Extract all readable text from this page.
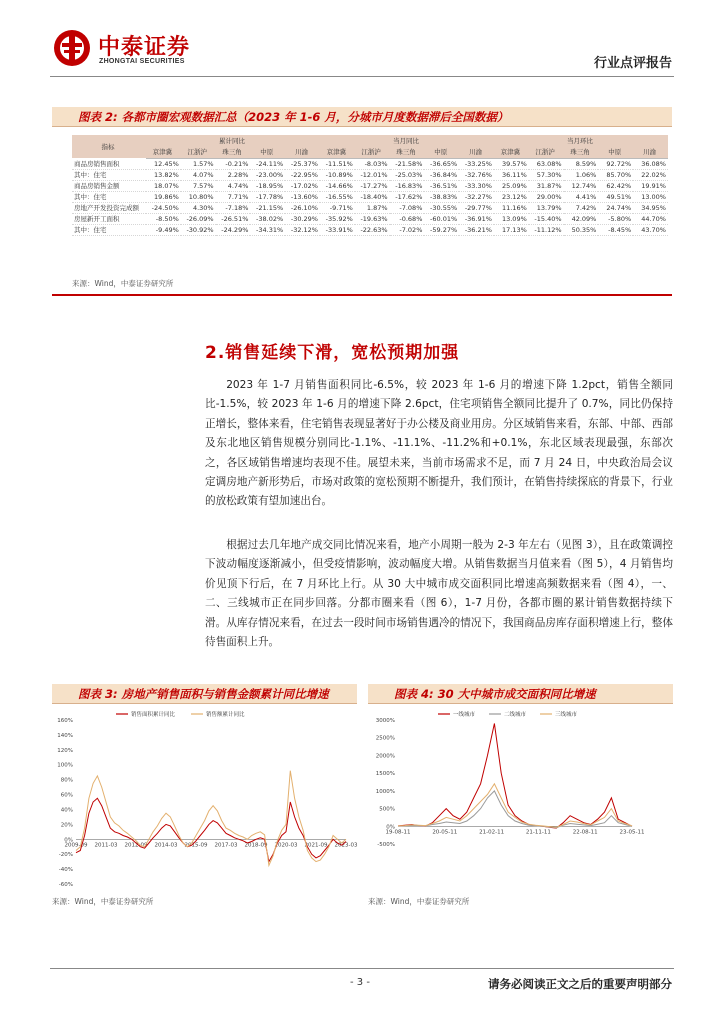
中泰证券
ZHONGTAI SECURITIES	行业点评报告
图表 2: 各都市圈宏观数据汇总（2023 年 1-6 月，分城市月度数据滞后全国数据）
指标	累计同比					当月同比					当月环比				
	京津冀	江浙沪	珠三角	中原	川渝	京津冀	江浙沪	珠三角	中原	川渝	京津冀	江浙沪	珠三角	中原	川渝
商品房销售面积	12.45%	1.57%	-0.21%	-24.11%	-25.37%	-11.51%	-8.03%	-21.58%	-36.65%	-33.25%	39.57%	63.08%	8.59%	92.72%	36.08%
其中：住宅	13.82%	4.07%	2.28%	-23.00%	-22.95%	-10.89%	-12.01%	-25.03%	-36.84%	-32.76%	36.11%	57.30%	1.06%	85.70%	22.02%
商品房销售金额	18.07%	7.57%	4.74%	-18.95%	-17.02%	-14.66%	-17.27%	-16.83%	-36.51%	-33.30%	25.09%	31.87%	12.74%	62.42%	19.91%
其中：住宅	19.86%	10.80%	7.71%	-17.78%	-13.60%	-16.55%	-18.40%	-17.62%	-38.83%	-32.27%	23.12%	29.00%	4.41%	49.51%	13.00%
房地产开发投资完成额	-24.50%	4.30%	-7.18%	-21.15%	-26.10%	-9.71%	1.87%	-7.08%	-30.55%	-29.77%	11.16%	13.79%	7.42%	24.74%	34.95%
房屋新开工面积	-8.50%	-26.09%	-26.51%	-38.02%	-30.29%	-35.92%	-19.63%	-0.68%	-60.01%	-36.91%	13.09%	-15.40%	42.09%	-5.80%	44.70%
其中：住宅	-9.49%	-30.92%	-24.29%	-34.31%	-32.12%	-33.91%	-22.63%	-7.02%	-59.27%	-36.21%	17.13%	-11.12%	50.35%	-8.45%	43.70%
来源：Wind，中泰证券研究所
2.销售延续下滑，宽松预期加强

2023 年 1-7 月销售面积同比-6.5%，较 2023 年 1-6 月的增速下降 1.2pct，销售全额同比-1.5%，较 2023 年 1-6 月的增速下降 2.6pct，住宅项销售全额同比提升了 0.7%，同比仍保持正增长，整体来看，住宅销售表现显著好于办公楼及商业用房。分区域销售来看，东部、中部、西部及东北地区销售规模分别同比-1.1%、-11.1%、-11.2%和+0.1%，东北区域表现最强，东部次之，各区域销售增速均表现不佳。展望未来，当前市场需求不足，而 7 月 24 日，中央政治局会议定调房地产新形势后，市场对政策的宽松预期不断提升，我们预计，在销售持续探底的背景下，行业的放松政策有望加速出台。

根据过去几年地产成交同比情况来看，地产小周期一般为 2-3 年左右（见图 3），且在政策调控下波动幅度逐渐减小，但受疫情影响，波动幅度大增。从销售数据当月值来看（图 5），4 月销售均价见顶下行后，在 7 月环比上行。从 30 大中城市成交面积同比增速高频数据来看（图 4），一、二、三线城市正在同步回落。分都市圈来看（图 6），1-7 月份，各都市圈的累计销售数据持续下滑。从库存情况来看，在过去一段时间市场销售遇冷的情况下，我国商品房库存面积增速上行，整体待售面积上升。

图表 3: 房地产销售面积与销售金额累计同比增速
160%
140%
120%
100%
80%
60%
40%
20%
0%
-20%
-40%
-60%
2009-09 2011-03 2012-09 2014-03 2015-09 2017-03 2018-09 2020-03 2021-09 2023-03
销售面积累计同比	销售额累计同比
来源：Wind，中泰证券研究所
图表 4: 30 大中城市成交面积同比增速
3000%
2500%
2000%
1500%
1000%
500%
0%
-500%
19-08-11	20-05-11	21-02-11	21-11-11	22-08-11	23-05-11
一线城市	二线城市	三线城市
来源：Wind，中泰证券研究所
- 3 -	请务必阅读正文之后的重要声明部分
